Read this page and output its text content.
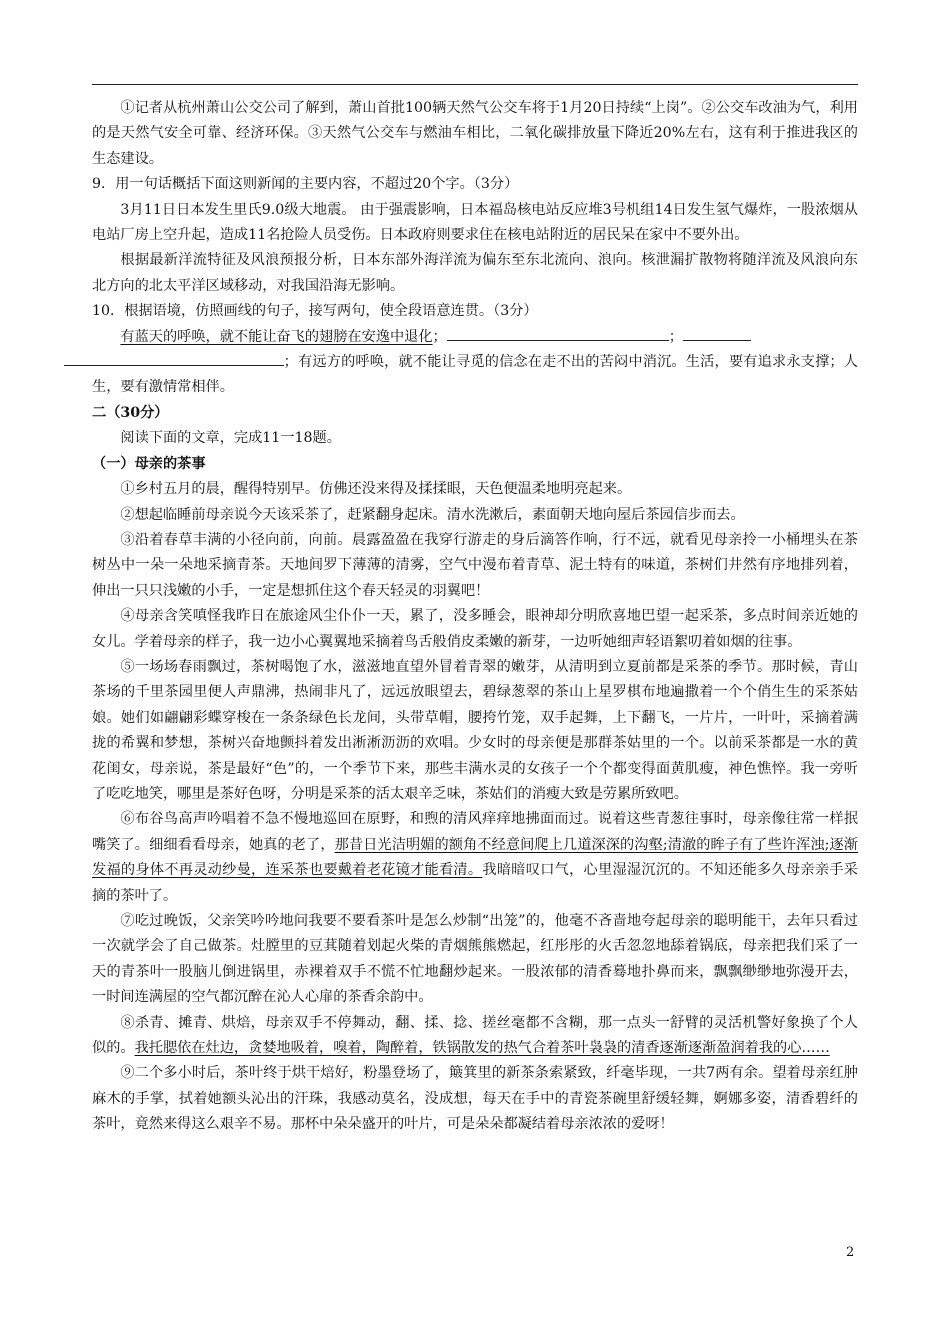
①记者从杭州萧山公交公司了解到，萧山首批100辆天然气公交车将于1月20日持续“上岗”。②公交车改油为气，利用的是天然气安全可靠、经济环保。③天然气公交车与燃油车相比，二氧化碳排放量下降近20%左右，这有利于推进我区的生态建设。

9．用一句话概括下面这则新闻的主要内容，不超过20个字。（3分）

3月11日日本发生里氏9.0级大地震。 由于强震影响，日本福岛核电站反应堆3号机组14日发生氢气爆炸，一股浓烟从电站厂房上空升起，造成11名抢险人员受伤。日本政府则要求住在核电站附近的居民呆在家中不要外出。

根据最新洋流特征及风浪预报分析，日本东部外海洋流为偏东至东北流向、浪向。核泄漏扩散物将随洋流及风浪向东北方向的北太平洋区域移动，对我国沿海无影响。

10．根据语境，仿照画线的句子，接写两句，使全段语意连贯。（3分）

有蓝天的呼唤，就不能让奋飞的翅膀在安逸中退化；	；
；有远方的呼唤，就不能让寻觅的信念在走不出的苦闷中消沉。生活，要有追求永支撑；人生，要有激情常相伴。

二（30分）

阅读下面的文章，完成11一18题。

（一）母亲的茶事

①乡村五月的晨，醒得特别早。仿佛还没来得及揉揉眼，天色便温柔地明亮起来。

②想起临睡前母亲说今天该采茶了，赶紧翻身起床。清水洗漱后，素面朝天地向屋后茶园信步而去。

③沿着春草丰满的小径向前，向前。晨露盈盈在我穿行游走的身后滴答作响，行不远，就看见母亲拎一小桶埋头在茶树丛中一朵一朵地采摘青茶。天地间罗下薄薄的清雾，空气中漫布着青草、泥土特有的味道，茶树们井然有序地排列着，伸出一只只浅嫩的小手，一定是想抓住这个春天轻灵的羽翼吧！

④母亲含笑嗔怪我昨日在旅途风尘仆仆一天，累了，没多睡会，眼神却分明欣喜地巴望一起采茶，多点时间亲近她的女儿。学着母亲的样子，我一边小心翼翼地采摘着鸟舌般俏皮柔嫩的新芽，一边听她细声轻语絮叨着如烟的往事。

⑤一场场春雨飘过，茶树喝饱了水，滋滋地直望外冒着青翠的嫩芽，从清明到立夏前都是采茶的季节。那时候，青山茶场的千里茶园里便人声鼎沸，热闹非凡了，远远放眼望去，碧绿葱翠的茶山上星罗棋布地遍撒着一个个俏生生的采茶姑娘。她们如翩翩彩蝶穿梭在一条条绿色长龙间，头带草帽，腰挎竹笼，双手起舞，上下翻飞，一片片，一叶叶，采摘着满拢的希翼和梦想，茶树兴奋地颤抖着发出淅淅沥沥的欢唱。少女时的母亲便是那群茶姑里的一个。以前采茶都是一水的黄花闺女，母亲说，茶是最好“色”的，一个季节下来，那些丰满水灵的女孩子一个个都变得面黄肌瘦，神色憔悴。我一旁听了吃吃地笑，哪里是茶好色呀，分明是采茶的活太艰辛乏味，茶姑们的消瘦大致是劳累所致吧。

⑥布谷鸟高声吟唱着不急不慢地巡回在原野，和煦的清风痒痒地拂面而过。说着这些青葱往事时，母亲像往常一样抿嘴笑了。细细看看母亲，她真的老了，那昔日光洁明媚的额角不经意间爬上几道深深的沟壑;清澈的眸子有了些许浑浊;逐渐发福的身体不再灵动纱曼，连采茶也要戴着老花镜才能看清。我暗暗叹口气，心里湿湿沉沉的。不知还能多久母亲亲手采摘的茶叶了。

⑦吃过晚饭，父亲笑吟吟地问我要不要看茶叶是怎么炒制“出笼”的，他毫不吝啬地夸起母亲的聪明能干，去年只看过一次就学会了自己做茶。灶膛里的豆萁随着划起火柴的青烟熊熊燃起，红彤彤的火舌忽忽地舔着锅底，母亲把我们采了一天的青茶叶一股脑儿倒进锅里，赤裸着双手不慌不忙地翻炒起来。一股浓郁的清香蓦地扑鼻而来，飘飘缈缈地弥漫开去，一时间连满屋的空气都沉醉在沁人心扉的茶香余韵中。

⑧杀青、摊青、烘焙，母亲双手不停舞动，翻、揉、捻、搓丝毫都不含糊，那一点头一舒臂的灵活机警好象换了个人似的。我托腮依在灶边，贪婪地吸着，嗅着，陶醉着，铁锅散发的热气合着茶叶袅袅的清香逐渐逐渐盈润着我的心……

⑨二个多小时后，茶叶终于烘干焙好，粉墨登场了，簸箕里的新茶条索紧致，纤毫毕现，一共7两有余。望着母亲红肿麻木的手掌，拭着她额头沁出的汗珠，我感动莫名，没成想，每天在手中的青瓷茶碗里舒缓轻舞，婀娜多姿，清香碧纤的茶叶，竟然来得这么艰辛不易。那杯中朵朵盛开的叶片，可是朵朵都凝结着母亲浓浓的爱呀！

2
